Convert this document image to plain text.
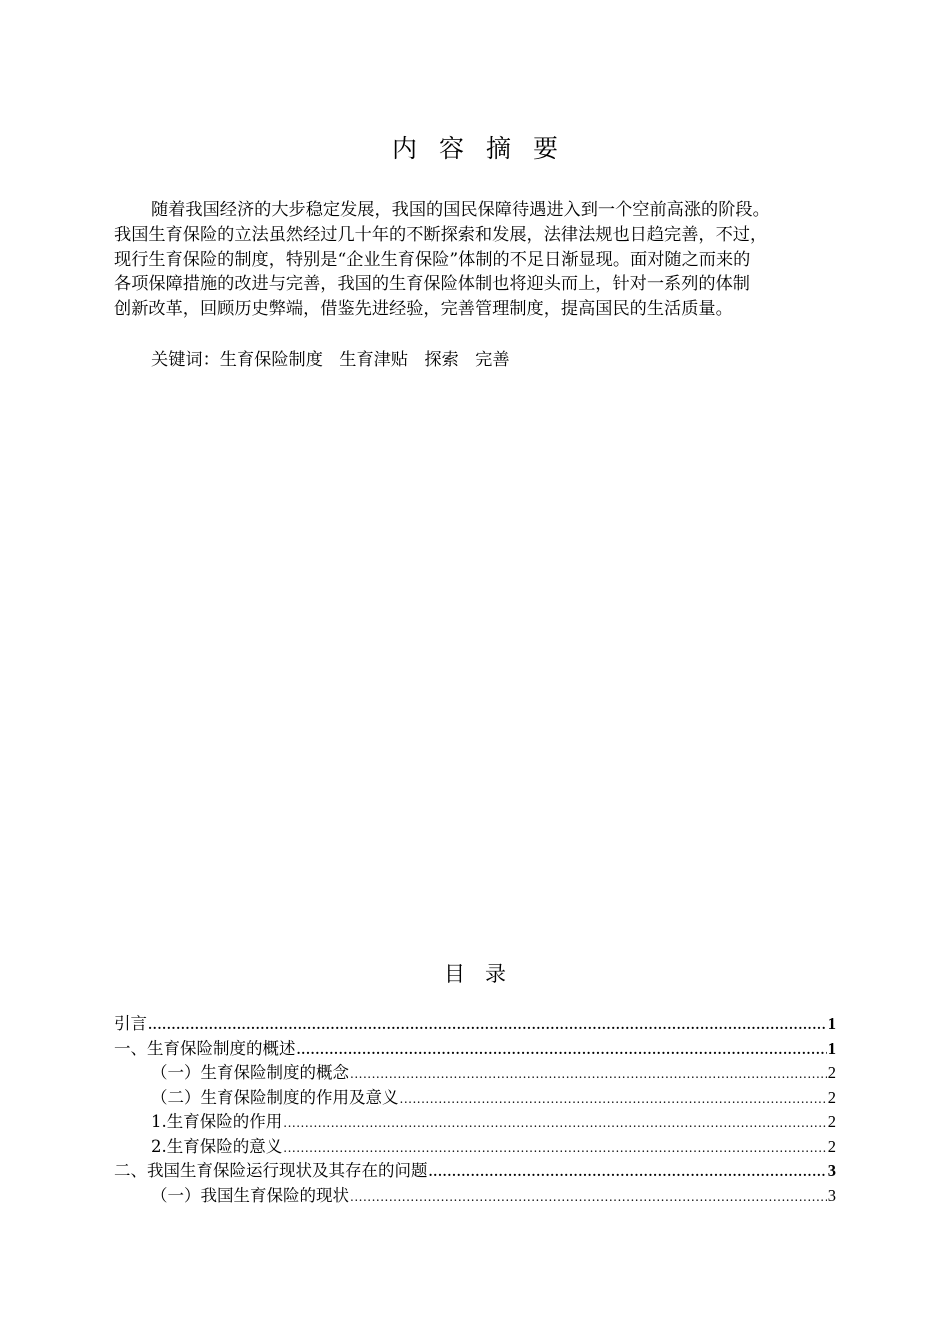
内容摘要
随着我国经济的大步稳定发展，我国的国民保障待遇进入到一个空前高涨的阶段。
我国生育保险的立法虽然经过几十年的不断探索和发展，法律法规也日趋完善，不过，
现行生育保险的制度，特别是“企业生育保险”体制的不足日渐显现。面对随之而来的
各项保障措施的改进与完善，我国的生育保险体制也将迎头而上，针对一系列的体制
创新改革，回顾历史弊端，借鉴先进经验，完善管理制度，提高国民的生活质量。
关键词：生育保险制度   生育津贴   探索   完善
目录
引言 .....	1
一、生育保险制度的概述 .....	1
（一）生育保险制度的概念 .....	2
（二）生育保险制度的作用及意义 .....	2
1.生育保险的作用 .....	2
2.生育保险的意义 .....	2
二、我国生育保险运行现状及其存在的问题 .....	3
（一）我国生育保险的现状 .....	3
